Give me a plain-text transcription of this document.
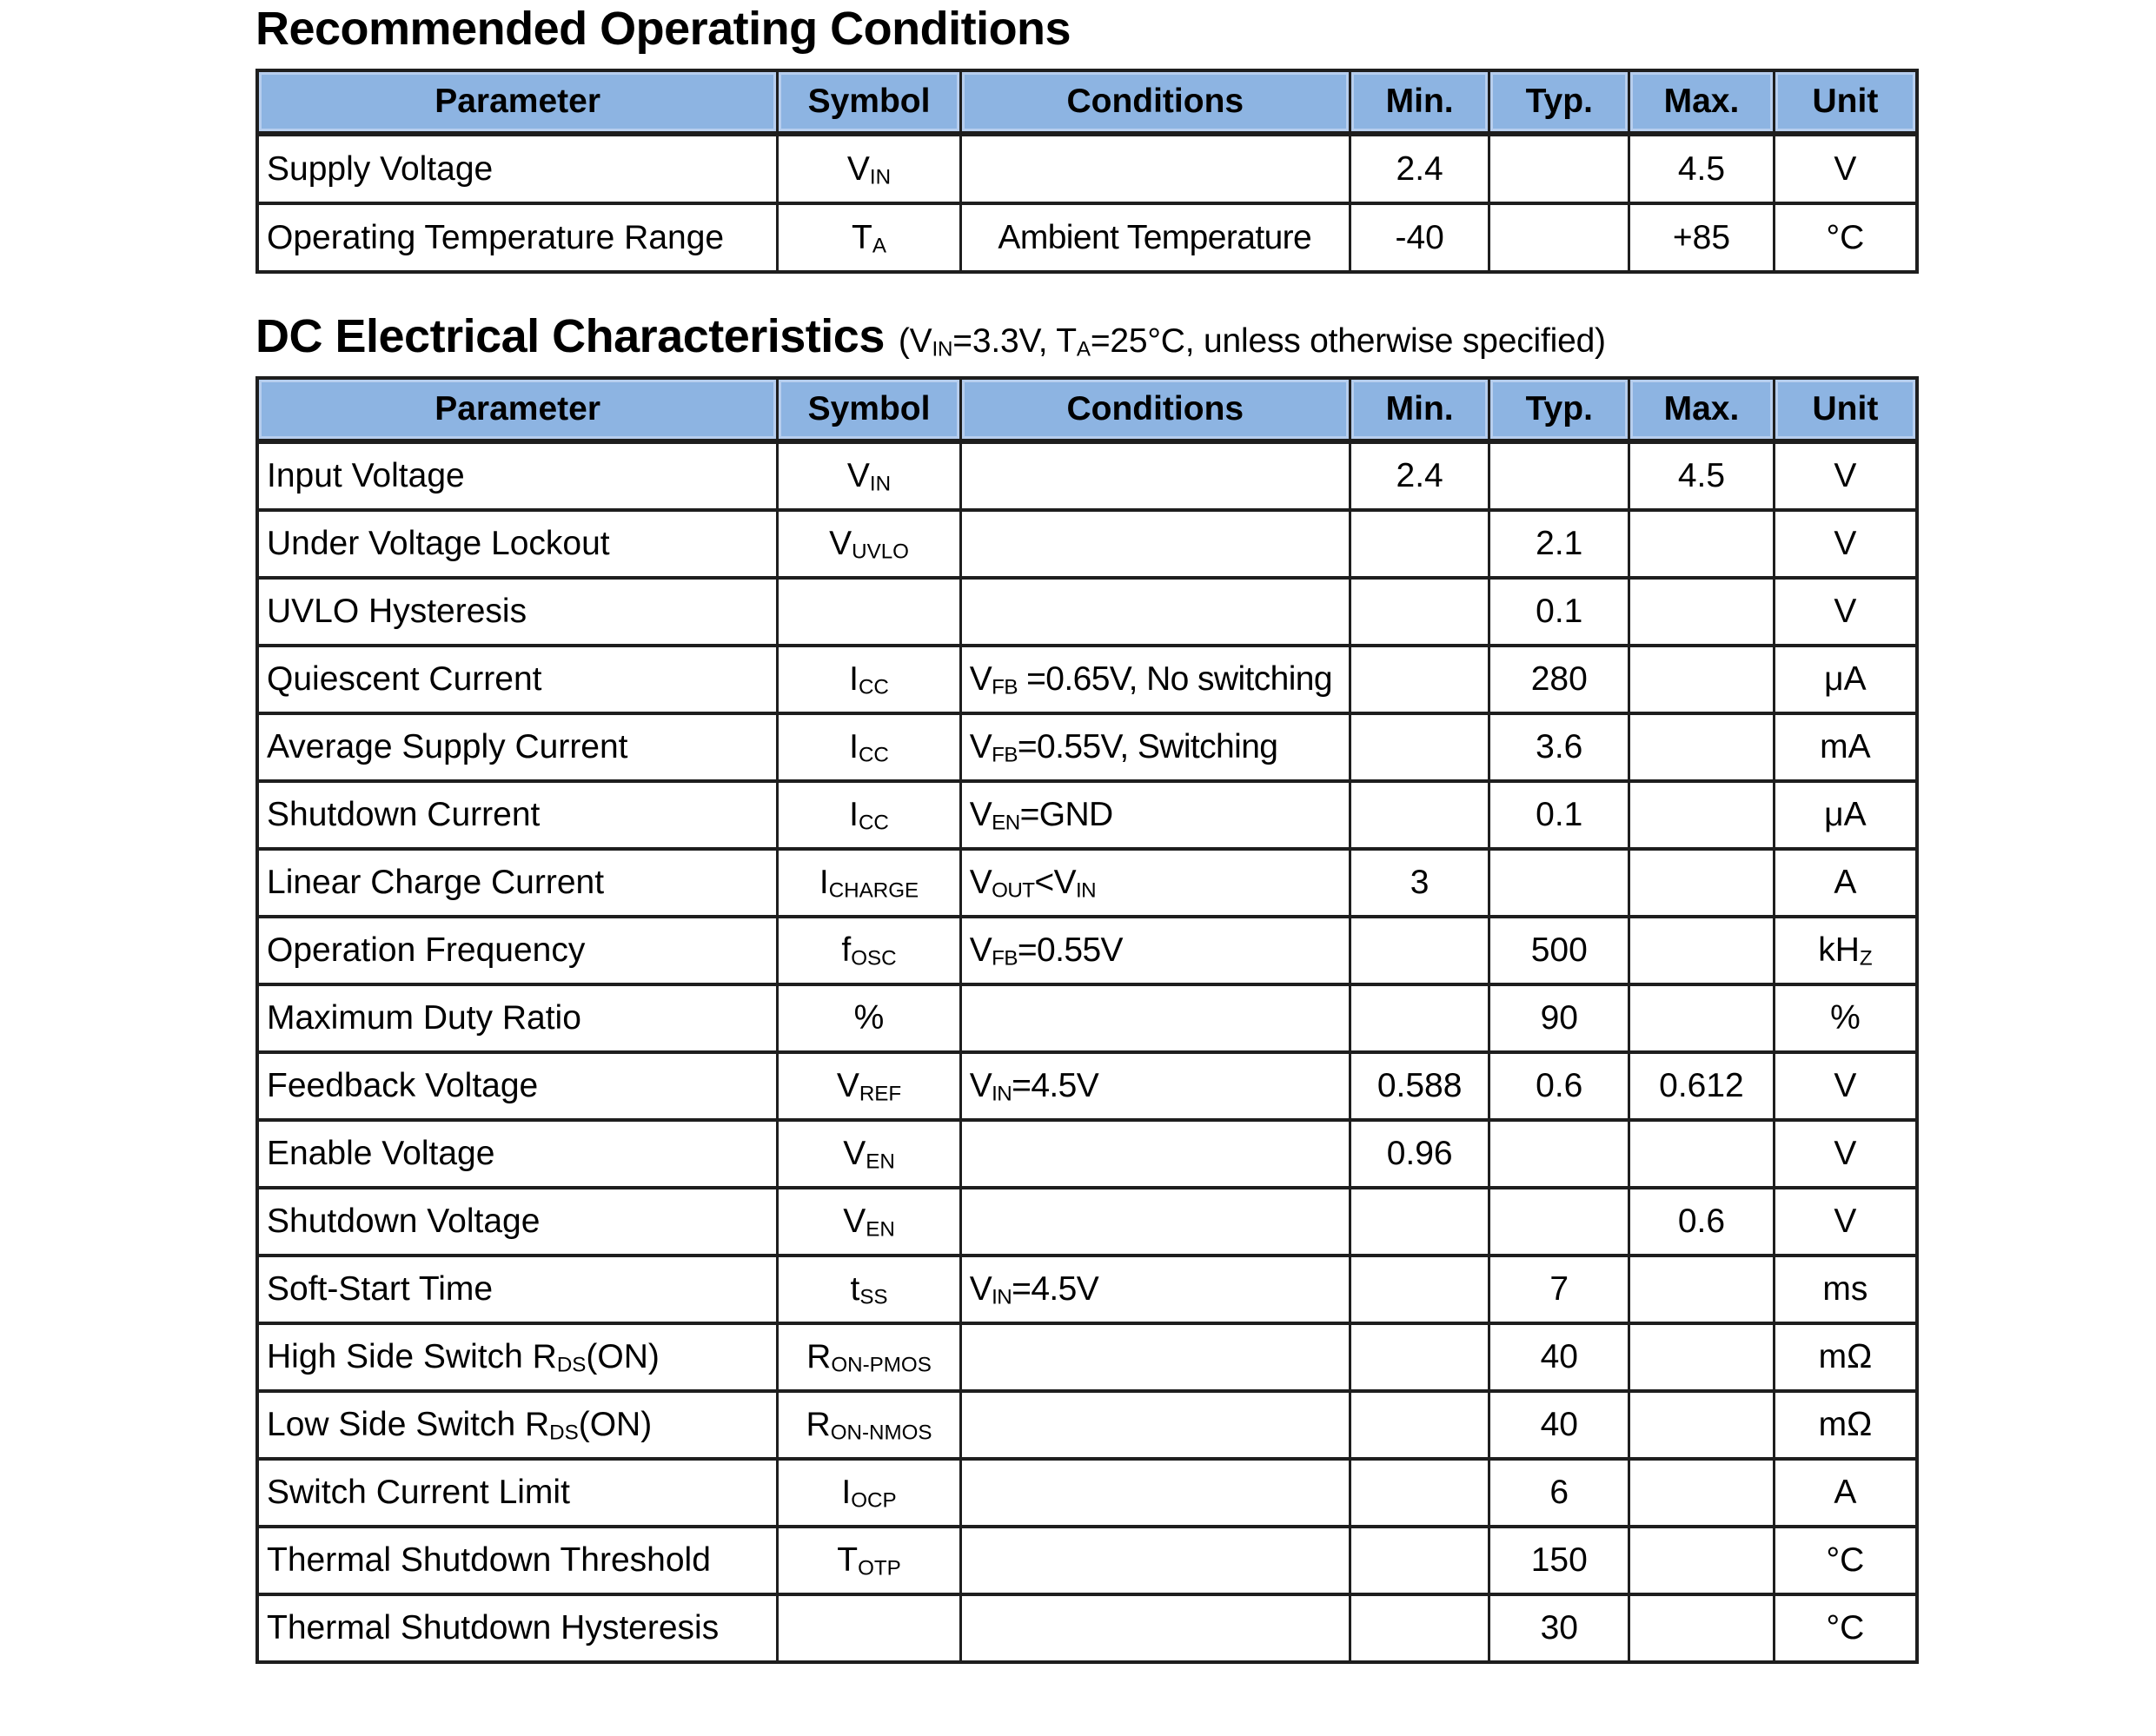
Recommended Operating Conditions
Parameter	Symbol	Conditions	Min.	Typ.	Max.	Unit
Supply Voltage	$V_{IN}$		2.4		4.5	V
Operating Temperature Range	$T_A$	Ambient Temperature	-40		+85	°C
DC Electrical Characteristics ($V_{IN}=3.3V$, $T_A=25^\circ C$, unless otherwise specified)
Parameter	Symbol	Conditions	Min.	Typ.	Max.	Unit
Input Voltage	$V_{IN}$		2.4		4.5	V
Under Voltage Lockout	$V_{UVLO}$			2.1		V
UVLO Hysteresis				0.1		V
Quiescent Current	$I_{CC}$	$V_{FB} =0.65V$, No switching		280		μA
Average Supply Current	$I_{CC}$	$V_{FB}=0.55V$, Switching		3.6		mA
Shutdown Current	$I_{CC}$	$V_{EN}=GND$		0.1		μA
Linear Charge Current	$I_{CHARGE}$	$V_{OUT}<V_{IN}$	3			A
Operation Frequency	$f_{OSC}$	$V_{FB}=0.55V$		500		$kH_Z$
Maximum Duty Ratio	%			90		%
Feedback Voltage	$V_{REF}$	$V_{IN}=4.5V$	0.588	0.6	0.612	V
Enable Voltage	$V_{EN}$		0.96			V
Shutdown Voltage	$V_{EN}$				0.6	V
Soft-Start Time	$t_{SS}$	$V_{IN}=4.5V$		7		ms
High Side Switch $R_{DS}(ON)$	$R_{ON-PMOS}$			40		mΩ
Low Side Switch $R_{DS}(ON)$	$R_{ON-NMOS}$			40		mΩ
Switch Current Limit	$I_{OCP}$			6		A
Thermal Shutdown Threshold	$T_{OTP}$			150		°C
Thermal Shutdown Hysteresis				30		°C
